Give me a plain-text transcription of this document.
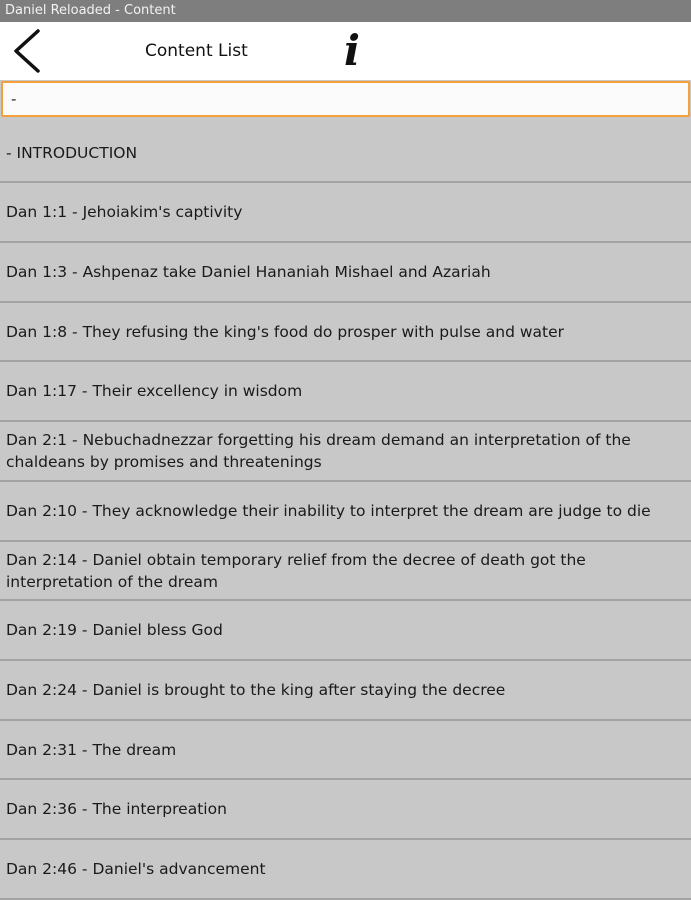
Daniel Reloaded - Content
Content List i
-
- INTRODUCTION
Dan 1:1 - Jehoiakim's captivity
Dan 1:3 - Ashpenaz take Daniel Hananiah Mishael and Azariah
Dan 1:8 - They refusing the king's food do prosper with pulse and water
Dan 1:17 - Their excellency in wisdom
Dan 2:1 - Nebuchadnezzar forgetting his dream demand an interpretation of the chaldeans by promises and threatenings
Dan 2:10 - They acknowledge their inability to interpret the dream are judge to die
Dan 2:14 - Daniel obtain temporary relief from the decree of death got the interpretation of the dream
Dan 2:19 - Daniel bless God
Dan 2:24 - Daniel is brought to the king after staying the decree
Dan 2:31 - The dream
Dan 2:36 - The interpreation
Dan 2:46 - Daniel's advancement
